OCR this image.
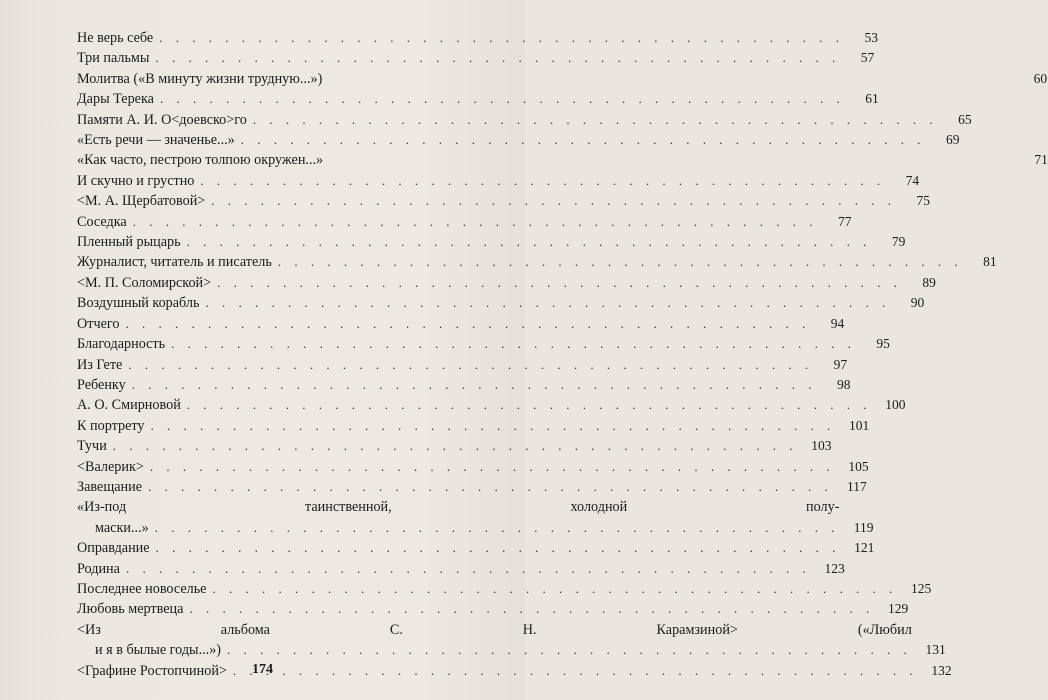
Не верь себе . . .	53
Три пальмы . . .	57
Молитва («В минуту жизни трудную...»)	60
Дары Терека . . .	61
Памяти А. И. О<доевско>го . . .	65
«Есть речи — значенье...» . . .	69
«Как часто, пестрою толпою окружен...»	71
И скучно и грустно . . .	74
<М. А. Щербатовой> . . .	75
Соседка . . .	77
Пленный рыцарь . . .	79
Журналист, читатель и писатель . . .	81
<М. П. Соломирской> . . .	89
Воздушный корабль . . .	90
Отчего . . .	94
Благодарность . . .	95
Из Гете . . .	97
Ребенку . . .	98
А. О. Смирновой . . .	100
К портрету . . .	101
Тучи . . .	103
<Валерик> . . .	105
Завещание . . .	117
«Из-под таинственной, холодной полу-
маски...» . . .	119
Оправдание . . .	121
Родина . . .	123
Последнее новоселье . . .	125
Любовь мертвеца . . .	129
<Из альбома С. Н. Карамзиной> («Любил
и я в былые годы...») . . .	131
<Графине Ростопчиной> . . .	132
174
